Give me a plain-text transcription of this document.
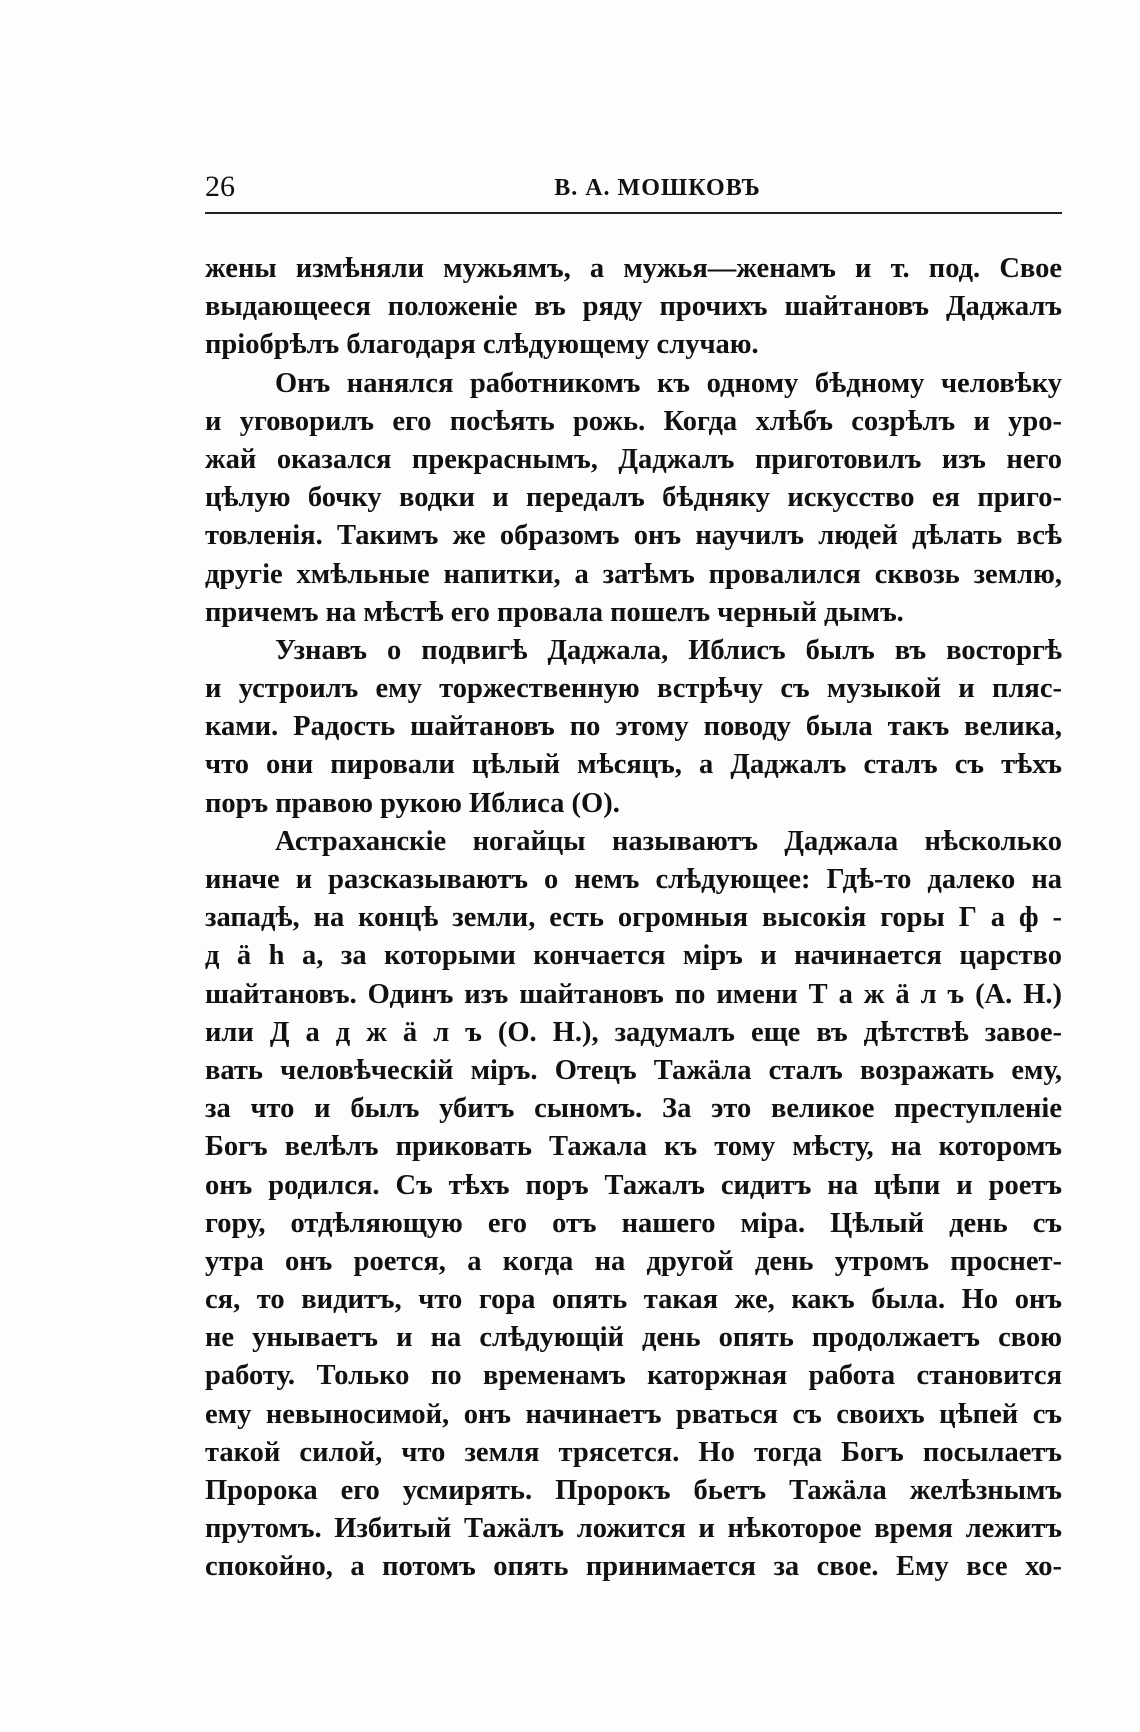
26	В. А. МОШКОВЪ
жены измѣняли мужьямъ, а мужья—женамъ и т. под. Свое
выдающееся положеніе въ ряду прочихъ шайтановъ Даджалъ
пріобрѣлъ благодаря слѣдующему случаю.
Онъ нанялся работникомъ къ одному бѣдному человѣку
и уговорилъ его посѣять рожь. Когда хлѣбъ созрѣлъ и уро-
жай оказался прекраснымъ, Даджалъ приготовилъ изъ него
цѣлую бочку водки и передалъ бѣдняку искусство ея приго-
товленія. Такимъ же образомъ онъ научилъ людей дѣлать всѣ
другіе хмѣльные напитки, а затѣмъ провалился сквозь землю,
причемъ на мѣстѣ его провала пошелъ черный дымъ.
Узнавъ о подвигѣ Даджала, Иблисъ былъ въ восторгѣ
и устроилъ ему торжественную встрѣчу съ музыкой и пляс-
ками. Радость шайтановъ по этому поводу была такъ велика,
что они пировали цѣлый мѣсяцъ, а Даджалъ сталъ съ тѣхъ
поръ правою рукою Иблиса (О).
Астраханскіе ногайцы называютъ Даджала нѣсколько
иначе и разсказываютъ о немъ слѣдующее: Гдѣ-то далеко на
западѣ, на концѣ земли, есть огромныя высокія горы Г а ф -
д ä һ а, за которыми кончается міръ и начинается царство
шайтановъ. Одинъ изъ шайтановъ по имени Т а ж ä л ъ (А. Н.)
или Д а д ж ä л ъ (О. Н.), задумалъ еще въ дѣтствѣ завое-
вать человѣческій міръ. Отецъ Тажäла сталъ возражать ему,
за что и былъ убитъ сыномъ. За это великое преступленіе
Богъ велѣлъ приковать Тажала къ тому мѣсту, на которомъ
онъ родился. Съ тѣхъ поръ Тажалъ сидитъ на цѣпи и роетъ
гору, отдѣляющую его отъ нашего міра. Цѣлый день съ
утра онъ роется, а когда на другой день утромъ проснет-
ся, то видитъ, что гора опять такая же, какъ была. Но онъ
не унываетъ и на слѣдующій день опять продолжаетъ свою
работу. Только по временамъ каторжная работа становится
ему невыносимой, онъ начинаетъ рваться съ своихъ цѣпей съ
такой силой, что земля трясется. Но тогда Богъ посылаетъ
Пророка его усмирять. Пророкъ бьетъ Тажäла желѣзнымъ
прутомъ. Избитый Тажäлъ ложится и нѣкоторое время лежитъ
спокойно, а потомъ опять принимается за свое. Ему все хо-
